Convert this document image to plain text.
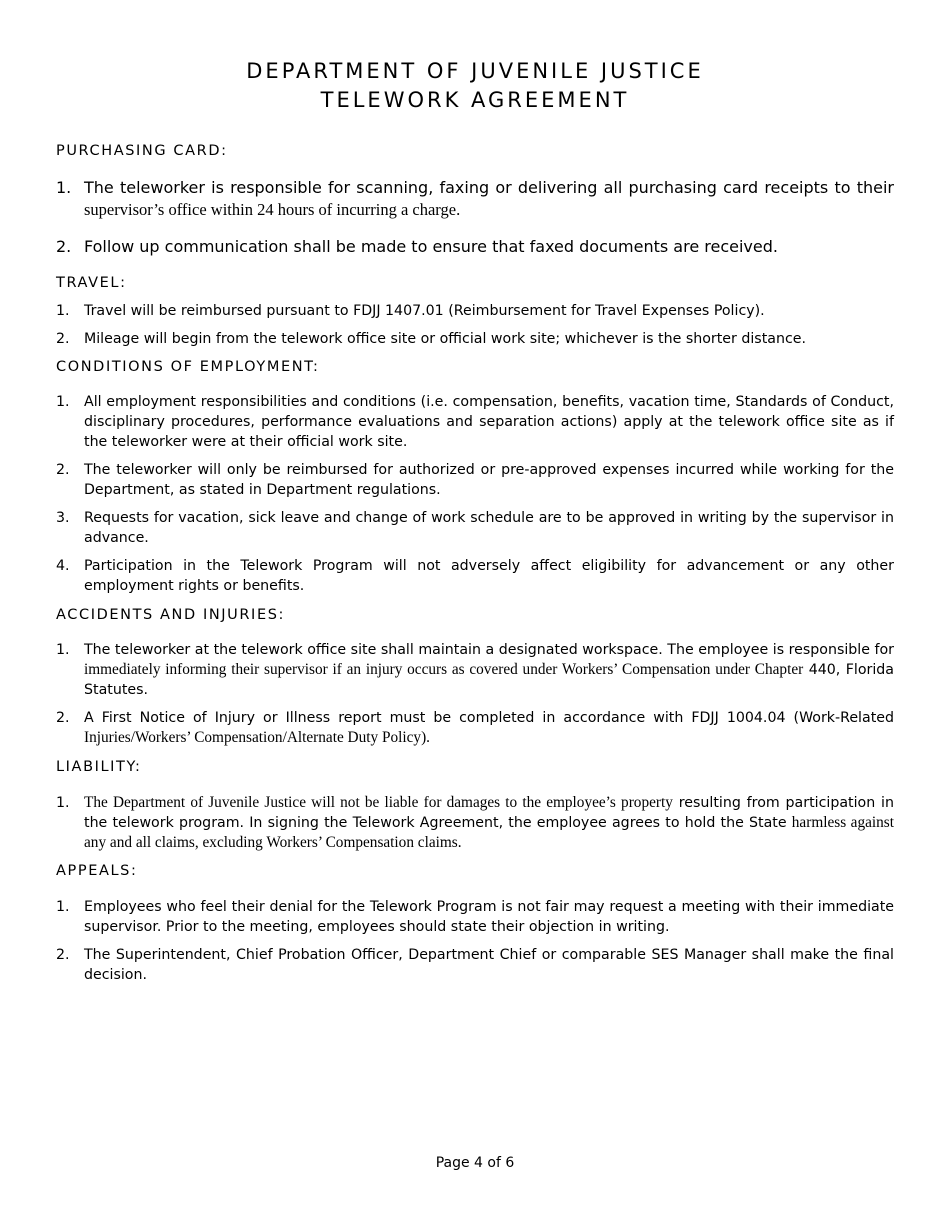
DEPARTMENT OF JUVENILE JUSTICE
TELEWORK AGREEMENT
PURCHASING CARD:
1. The teleworker is responsible for scanning, faxing or delivering all purchasing card receipts to their supervisor’s office within 24 hours of incurring a charge.
2. Follow up communication shall be made to ensure that faxed documents are received.
TRAVEL:
1. Travel will be reimbursed pursuant to FDJJ 1407.01 (Reimbursement for Travel Expenses Policy).
2. Mileage will begin from the telework office site or official work site; whichever is the shorter distance.
CONDITIONS OF EMPLOYMENT:
1. All employment responsibilities and conditions (i.e. compensation, benefits, vacation time, Standards of Conduct, disciplinary procedures, performance evaluations and separation actions) apply at the telework office site as if the teleworker were at their official work site.
2. The teleworker will only be reimbursed for authorized or pre-approved expenses incurred while working for the Department, as stated in Department regulations.
3. Requests for vacation, sick leave and change of work schedule are to be approved in writing by the supervisor in advance.
4. Participation in the Telework Program will not adversely affect eligibility for advancement or any other employment rights or benefits.
ACCIDENTS AND INJURIES:
1. The teleworker at the telework office site shall maintain a designated workspace. The employee is responsible for immediately informing their supervisor if an injury occurs as covered under Workers’ Compensation under Chapter 440, Florida Statutes.
2. A First Notice of Injury or Illness report must be completed in accordance with FDJJ 1004.04 (Work-Related Injuries/Workers’ Compensation/Alternate Duty Policy).
LIABILITY:
1. The Department of Juvenile Justice will not be liable for damages to the employee’s property resulting from participation in the telework program. In signing the Telework Agreement, the employee agrees to hold the State harmless against any and all claims, excluding Workers’ Compensation claims.
APPEALS:
1. Employees who feel their denial for the Telework Program is not fair may request a meeting with their immediate supervisor. Prior to the meeting, employees should state their objection in writing.
2. The Superintendent, Chief Probation Officer, Department Chief or comparable SES Manager shall make the final decision.
Page 4 of 6
